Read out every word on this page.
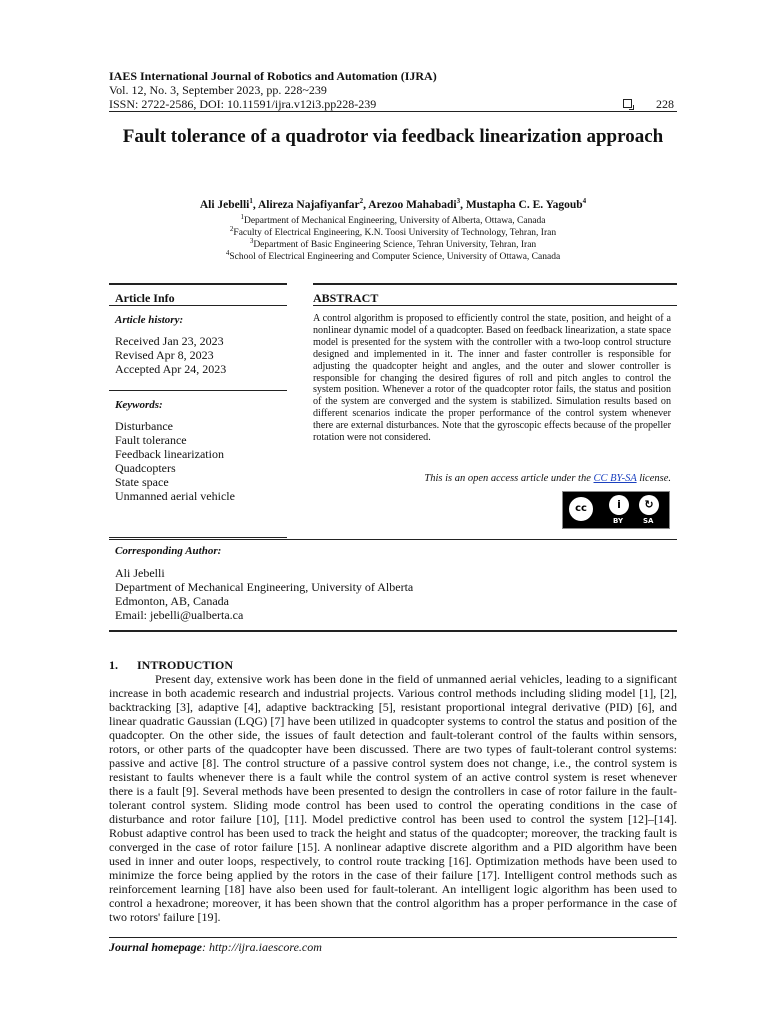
IAES International Journal of Robotics and Automation (IJRA)
Vol. 12, No. 3, September 2023, pp. 228~239
ISSN: 2722-2586, DOI: 10.11591/ijra.v12i3.pp228-239	228
Fault tolerance of a quadrotor via feedback linearization approach
Ali Jebelli$^1$, Alireza Najafiyanfar$^2$, Arezoo Mahabadi$^3$, Mustapha C. E. Yagoub$^4$
$^1$Department of Mechanical Engineering, University of Alberta, Ottawa, Canada
$^2$Faculty of Electrical Engineering, K.N. Toosi University of Technology, Tehran, Iran
$^3$Department of Basic Engineering Science, Tehran University, Tehran, Iran
$^4$School of Electrical Engineering and Computer Science, University of Ottawa, Canada
Article Info
Article history:
Received Jan 23, 2023
Revised Apr 8, 2023
Accepted Apr 24, 2023
Keywords:
Disturbance
Fault tolerance
Feedback linearization
Quadcopters
State space
Unmanned aerial vehicle
ABSTRACT
A control algorithm is proposed to efficiently control the state, position, and height of a nonlinear dynamic model of a quadcopter. Based on feedback linearization, a state space model is presented for the system with the controller with a two-loop control structure designed and implemented in it. The inner and faster controller is responsible for adjusting the quadcopter height and angles, and the outer and slower controller is responsible for changing the desired figures of roll and pitch angles to control the system position. Whenever a rotor of the quadcopter rotor fails, the status and position of the system are converged and the system is stabilized. Simulation results based on different scenarios indicate the proper performance of the control system whenever there are external disturbances. Note that the gyroscopic effects because of the propeller rotation were not considered.
This is an open access article under the CC BY-SA license.
cc	i	↻
BY	SA
Corresponding Author:
Ali Jebelli
Department of Mechanical Engineering, University of Alberta
Edmonton, AB, Canada
Email: jebelli@ualberta.ca
1. INTRODUCTION
Present day, extensive work has been done in the field of unmanned aerial vehicles, leading to a significant increase in both academic research and industrial projects. Various control methods including sliding model [1], [2], backtracking [3], adaptive [4], adaptive backtracking [5], resistant proportional integral derivative (PID) [6], and linear quadratic Gaussian (LQG) [7] have been utilized in quadcopter systems to control the status and position of the quadcopter. On the other side, the issues of fault detection and fault-tolerant control of the faults within sensors, rotors, or other parts of the quadcopter have been discussed. There are two types of fault-tolerant control systems: passive and active [8]. The control structure of a passive control system does not change, i.e., the control system is resistant to faults whenever there is a fault while the control system of an active control system is reset whenever there is a fault [9]. Several methods have been presented to design the controllers in case of rotor failure in the fault-tolerant control system. Sliding mode control has been used to control the operating conditions in the case of disturbance and rotor failure [10], [11]. Model predictive control has been used to control the system [12]–[14]. Robust adaptive control has been used to track the height and status of the quadcopter; moreover, the tracking fault is converged in the case of rotor failure [15]. A nonlinear adaptive discrete algorithm and a PID algorithm have been used in inner and outer loops, respectively, to control route tracking [16]. Optimization methods have been used to minimize the force being applied by the rotors in the case of their failure [17]. Intelligent control methods such as reinforcement learning [18] have also been used for fault-tolerant. An intelligent logic algorithm has been used to control a hexadrone; moreover, it has been shown that the control algorithm has a proper performance in the case of two rotors' failure [19].
Journal homepage: http://ijra.iaescore.com
